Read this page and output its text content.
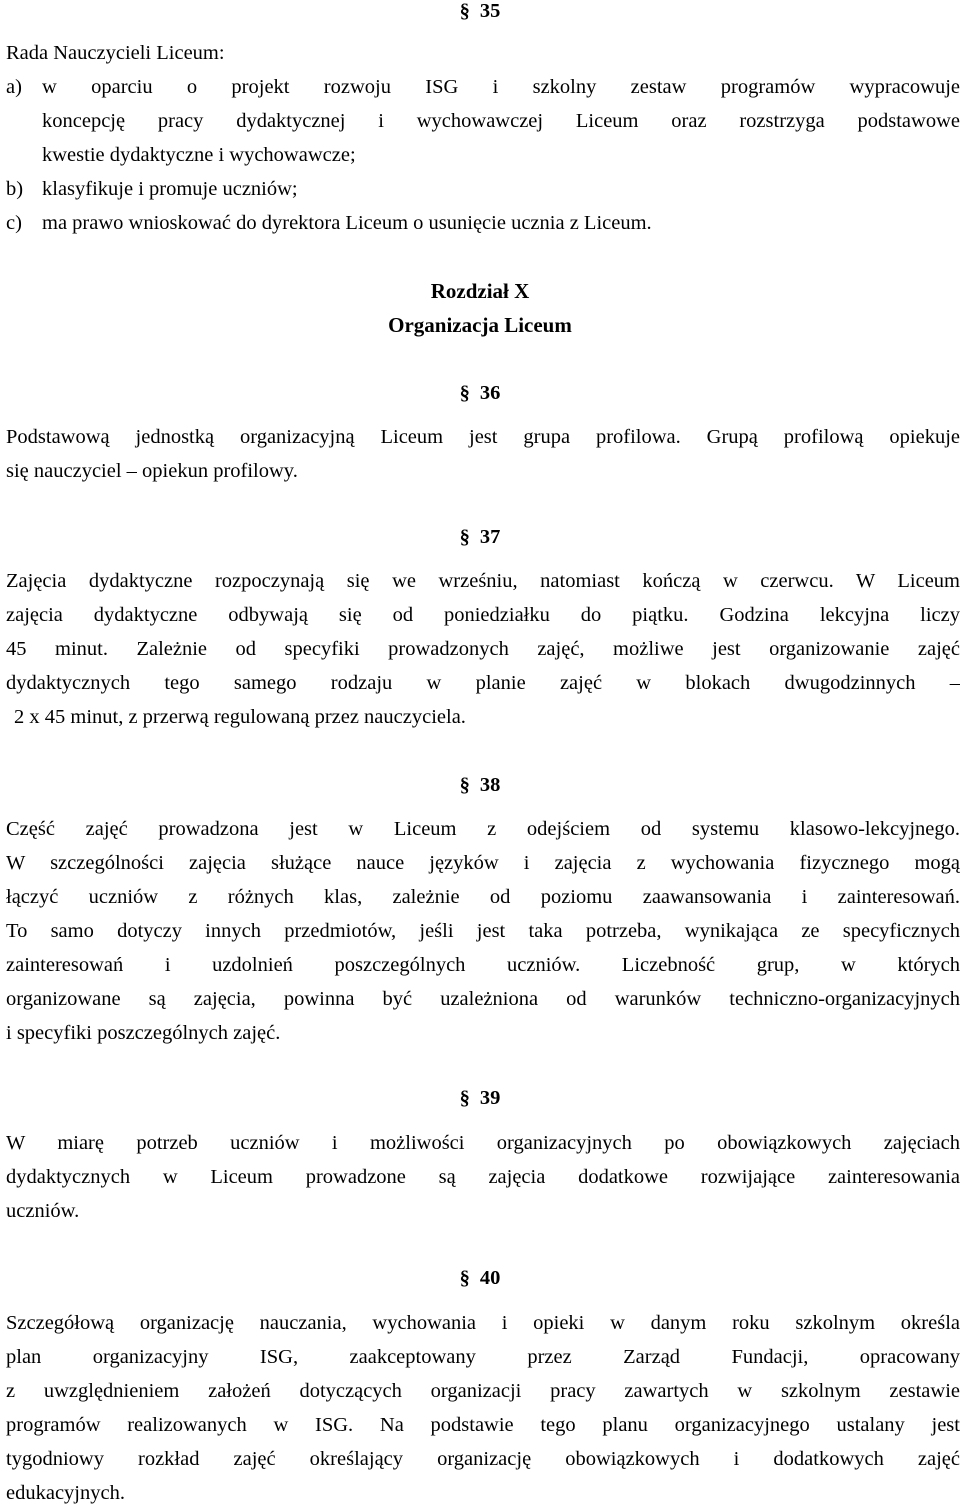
§ 35
Rada Nauczycieli Liceum:
a) w oparciu o projekt rozwoju ISG i szkolny zestaw programów wypracowuje
koncepcję pracy dydaktycznej i wychowawczej Liceum oraz rozstrzyga podstawowe
kwestie dydaktyczne i wychowawcze;
b) klasyfikuje i promuje uczniów;
c) ma prawo wnioskować do dyrektora Liceum o usunięcie ucznia z Liceum.
Rozdział X
Organizacja Liceum
§ 36
Podstawową jednostką organizacyjną Liceum jest grupa profilowa. Grupą profilową opiekuje
się nauczyciel – opiekun profilowy.
§ 37
Zajęcia dydaktyczne rozpoczynają się we wrześniu, natomiast kończą w czerwcu. W Liceum
zajęcia dydaktyczne odbywają się od poniedziałku do piątku. Godzina lekcyjna liczy
45 minut. Zależnie od specyfiki prowadzonych zajęć, możliwe jest organizowanie zajęć
dydaktycznych tego samego rodzaju w planie zajęć w blokach dwugodzinnych –
2 x 45 minut, z przerwą regulowaną przez nauczyciela.
§ 38
Część zajęć prowadzona jest w Liceum z odejściem od systemu klasowo-lekcyjnego.
W szczególności zajęcia służące nauce języków i zajęcia z wychowania fizycznego mogą
łączyć uczniów z różnych klas, zależnie od poziomu zaawansowania i zainteresowań.
To samo dotyczy innych przedmiotów, jeśli jest taka potrzeba, wynikająca ze specyficznych
zainteresowań i uzdolnień poszczególnych uczniów. Liczebność grup, w których
organizowane są zajęcia, powinna być uzależniona od warunków techniczno-organizacyjnych
i specyfiki poszczególnych zajęć.
§ 39
W miarę potrzeb uczniów i możliwości organizacyjnych po obowiązkowych zajęciach
dydaktycznych w Liceum prowadzone są zajęcia dodatkowe rozwijające zainteresowania
uczniów.
§ 40
Szczegółową organizację nauczania, wychowania i opieki w danym roku szkolnym określa
plan organizacyjny ISG, zaakceptowany przez Zarząd Fundacji, opracowany
z uwzględnieniem założeń dotyczących organizacji pracy zawartych w szkolnym zestawie
programów realizowanych w ISG. Na podstawie tego planu organizacyjnego ustalany jest
tygodniowy rozkład zajęć określający organizację obowiązkowych i dodatkowych zajęć
edukacyjnych.
